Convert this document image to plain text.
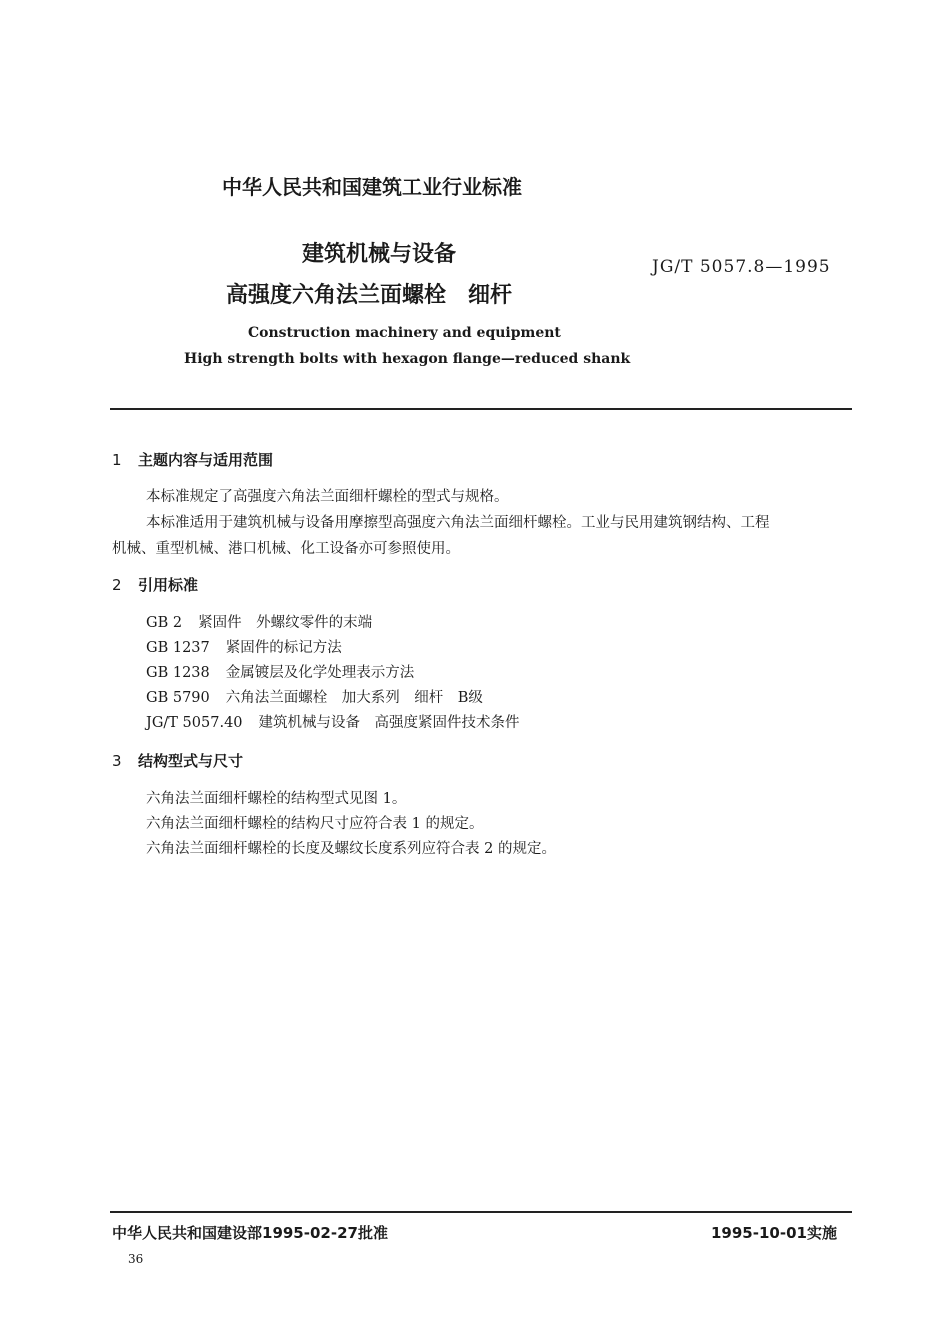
中华人民共和国建筑工业行业标准
建筑机械与设备
高强度六角法兰面螺栓　细杆
JG/T 5057.8—1995
Construction machinery and equipment
High strength bolts with hexagon flange—reduced shank
1 主题内容与适用范围
本标准规定了高强度六角法兰面细杆螺栓的型式与规格。
本标准适用于建筑机械与设备用摩擦型高强度六角法兰面细杆螺栓。工业与民用建筑钢结构、工程
机械、重型机械、港口机械、化工设备亦可参照使用。
2 引用标准
GB 2 紧固件　外螺纹零件的末端
GB 1237 紧固件的标记方法
GB 1238 金属镀层及化学处理表示方法
GB 5790 六角法兰面螺栓　加大系列　细杆　B级
JG/T 5057.40 建筑机械与设备　高强度紧固件技术条件
3 结构型式与尺寸
六角法兰面细杆螺栓的结构型式见图 1。
六角法兰面细杆螺栓的结构尺寸应符合表 1 的规定。
六角法兰面细杆螺栓的长度及螺纹长度系列应符合表 2 的规定。
中华人民共和国建设部1995-02-27批准	1995-10-01实施
36
